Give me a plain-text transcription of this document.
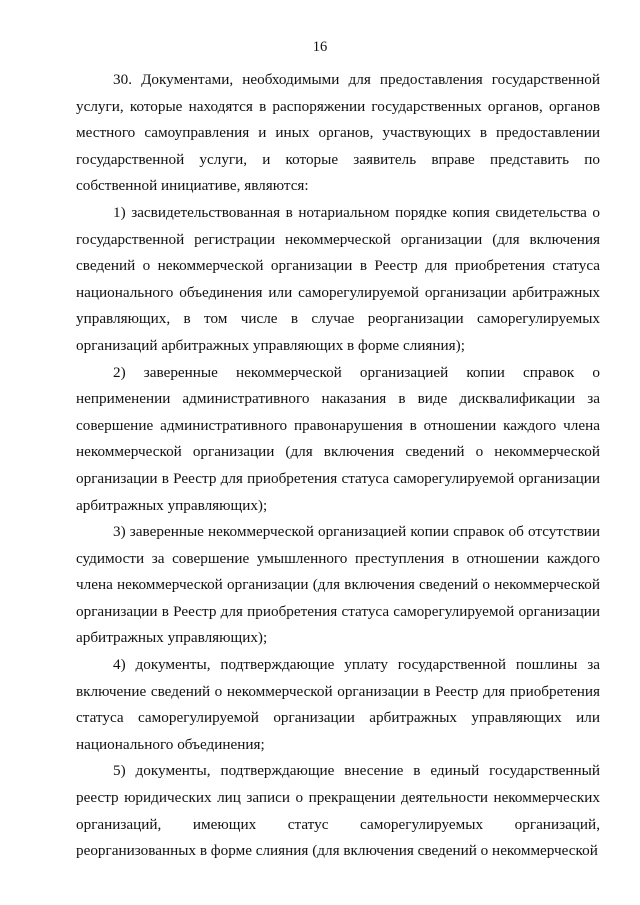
16

30. Документами, необходимыми для предоставления государственной услуги, которые находятся в распоряжении государственных органов, органов местного самоуправления и иных органов, участвующих в предоставлении государственной услуги, и которые заявитель вправе представить по собственной инициативе, являются:

1) засвидетельствованная в нотариальном порядке копия свидетельства о государственной регистрации некоммерческой организации (для включения сведений о некоммерческой организации в Реестр для приобретения статуса национального объединения или саморегулируемой организации арбитражных управляющих, в том числе в случае реорганизации саморегулируемых организаций арбитражных управляющих в форме слияния);

2) заверенные некоммерческой организацией копии справок о неприменении административного наказания в виде дисквалификации за совершение административного правонарушения в отношении каждого члена некоммерческой организации (для включения сведений о некоммерческой организации в Реестр для приобретения статуса саморегулируемой организации арбитражных управляющих);

3) заверенные некоммерческой организацией копии справок об отсутствии судимости за совершение умышленного преступления в отношении каждого члена некоммерческой организации (для включения сведений о некоммерческой организации в Реестр для приобретения статуса саморегулируемой организации арбитражных управляющих);

4) документы, подтверждающие уплату государственной пошлины за включение сведений о некоммерческой организации в Реестр для приобретения статуса саморегулируемой организации арбитражных управляющих или национального объединения;

5) документы, подтверждающие внесение в единый государственный реестр юридических лиц записи о прекращении деятельности некоммерческих организаций, имеющих статус саморегулируемых организаций, реорганизованных в форме слияния (для включения сведений о некоммерческой
